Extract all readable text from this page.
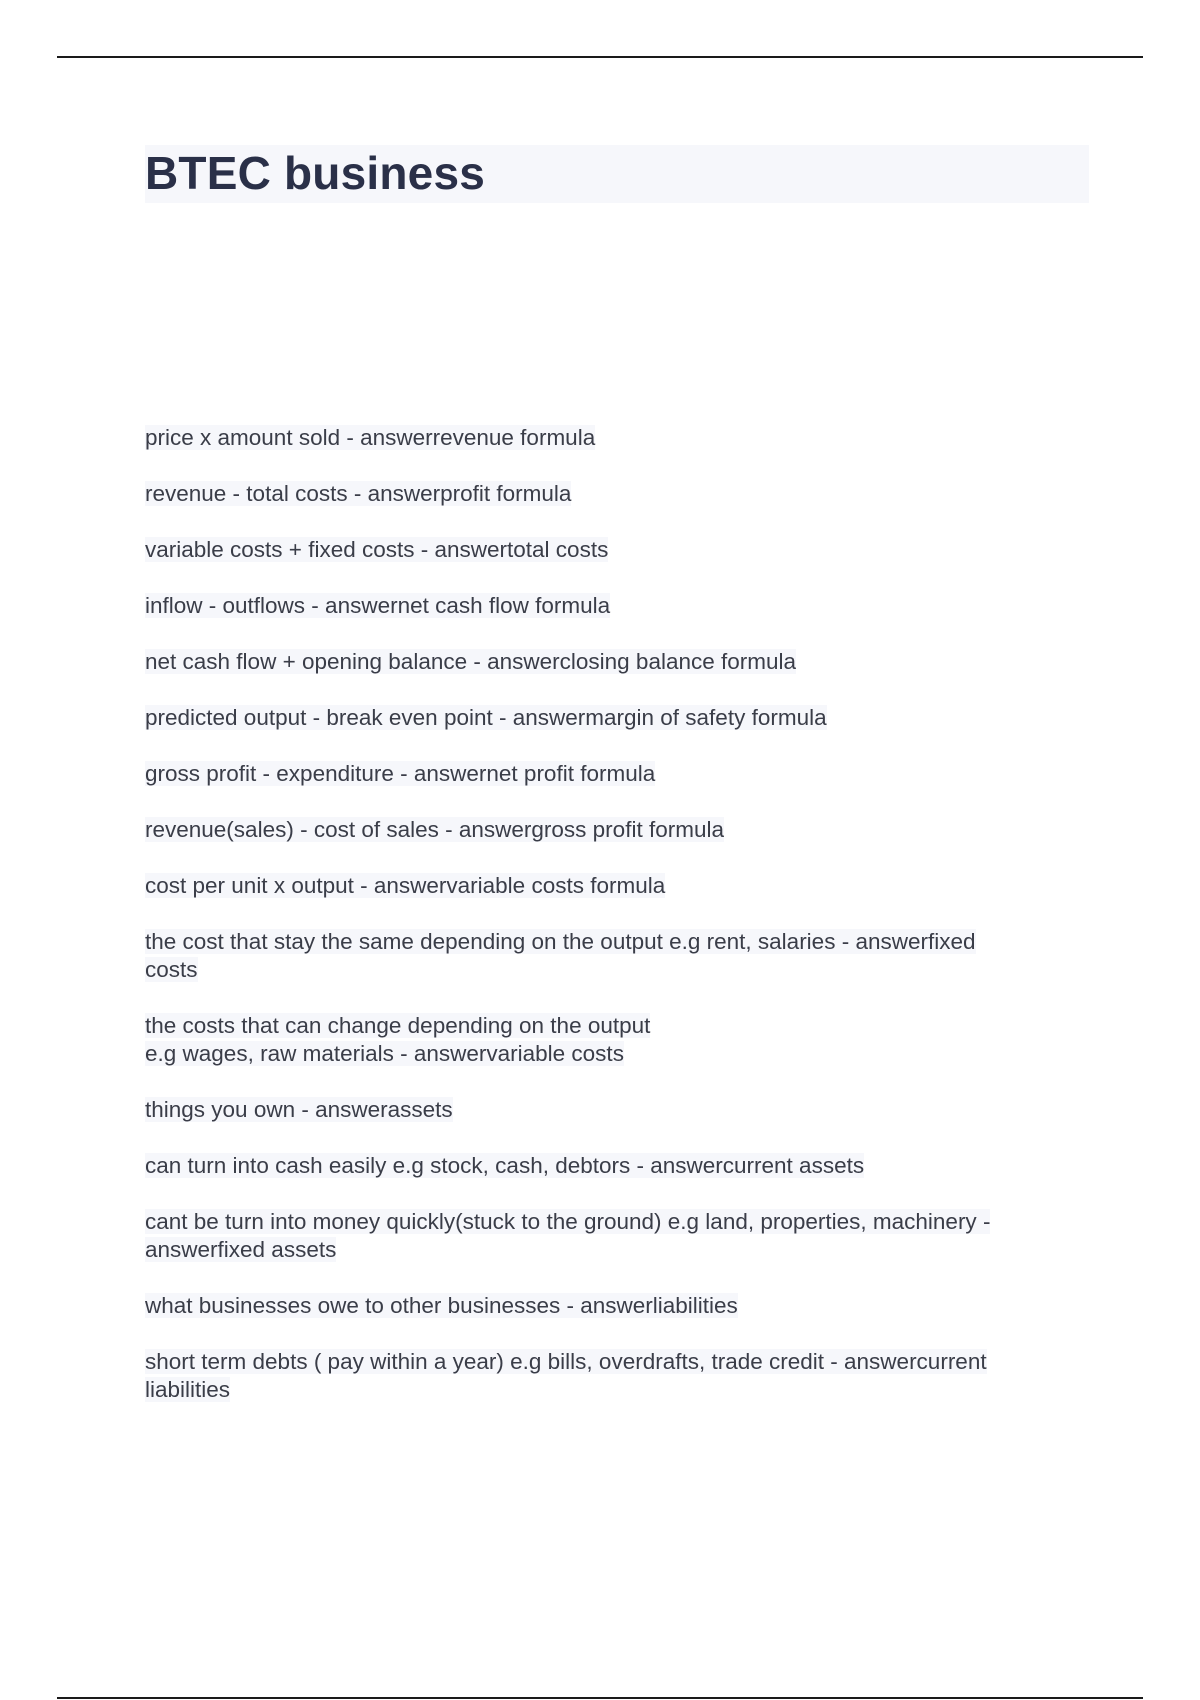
BTEC business
price x amount sold - answerrevenue formula
revenue - total costs - answerprofit formula
variable costs + fixed costs - answertotal costs
inflow - outflows - answernet cash flow formula
net cash flow + opening balance - answerclosing balance formula
predicted output - break even point - answermargin of safety formula
gross profit - expenditure - answernet profit formula
revenue(sales) - cost of sales - answergross profit formula
cost per unit x output - answervariable costs formula
the cost that stay the same depending on the output e.g rent, salaries - answerfixed
costs
the costs that can change depending on the output
e.g wages, raw materials - answervariable costs
things you own - answerassets
can turn into cash easily e.g stock, cash, debtors - answercurrent assets
cant be turn into money quickly(stuck to the ground) e.g land, properties, machinery -
answerfixed assets
what businesses owe to other businesses - answerliabilities
short term debts ( pay within a year) e.g bills, overdrafts, trade credit - answercurrent
liabilities
